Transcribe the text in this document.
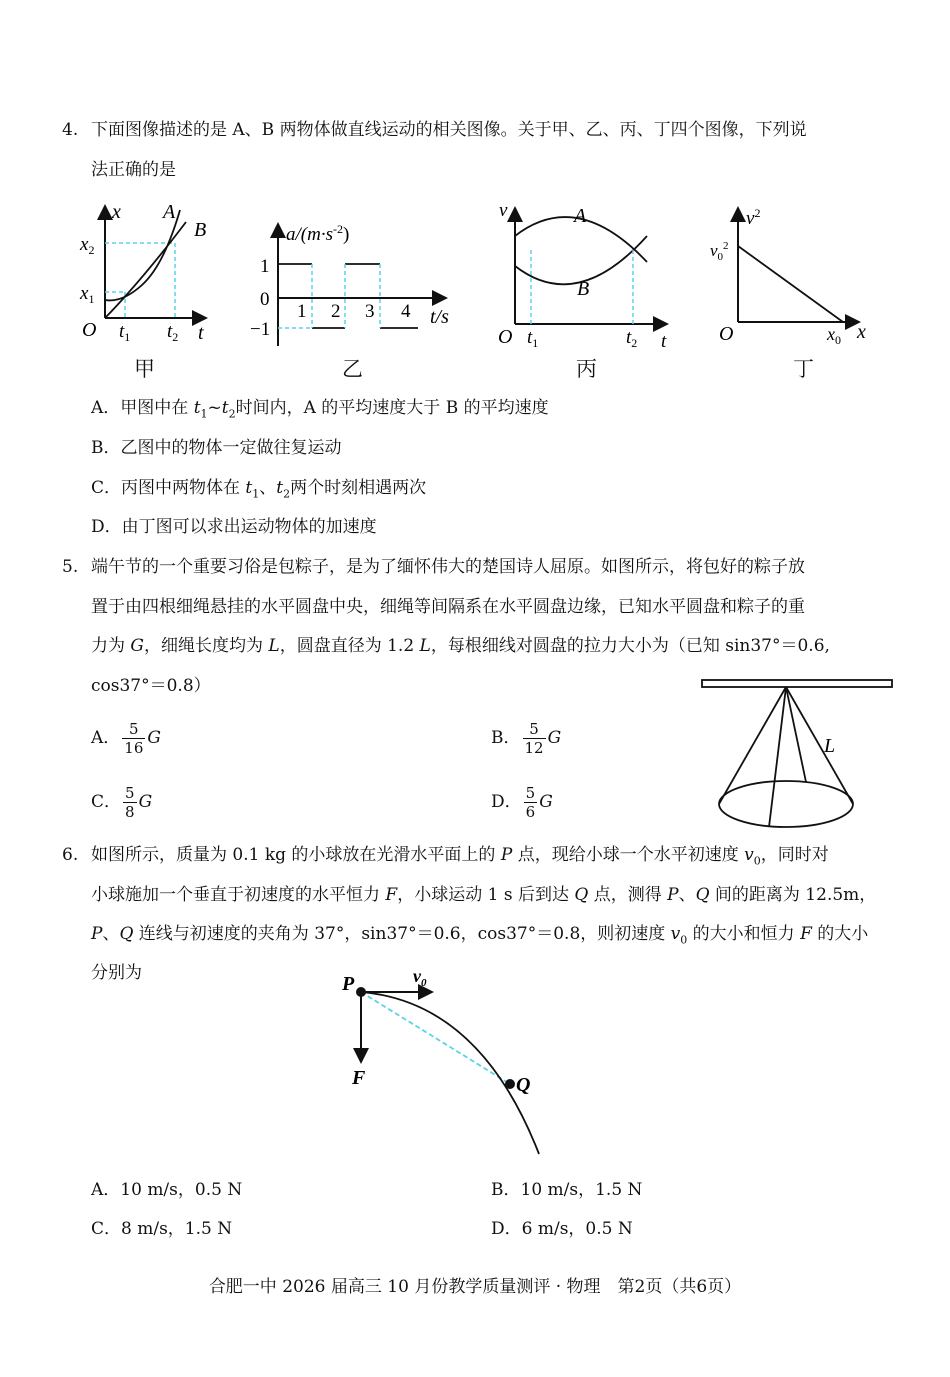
4. 下面图像描述的是 A、B 两物体做直线运动的相关图像。关于甲、乙、丙、丁四个图像，下列说
法正确的是
x
t
O
$x_2$
$x_1$
$t_1$ $t_2$
A
B
甲
$a/(m\cdot s^{-2})$
1
0
−1
1 2 3 4 t/s
乙
v
t
O $t_1$	$t_2$
A
B
丙
$v^2$
$v_0^2$
O	$x_0$ x
丁
A．甲图中在 $t_1\sim t_2$时间内，A 的平均速度大于 B 的平均速度
B．乙图中的物体一定做往复运动
C．丙图中两物体在 $t_1$、$t_2$两个时刻相遇两次
D．由丁图可以求出运动物体的加速度
5. 端午节的一个重要习俗是包粽子，是为了缅怀伟大的楚国诗人屈原。如图所示，将包好的粽子放
置于由四根细绳悬挂的水平圆盘中央，细绳等间隔系在水平圆盘边缘，已知水平圆盘和粽子的重
力为 G，细绳长度均为 L，圆盘直径为 1.2 L，每根细线对圆盘的拉力大小为（已知 sin37°＝0.6,
cos37°＝0.8）
L
A． $\frac{5}{16}$ G	B． $\frac{5}{12}$ G
C． $\frac{5}{8}$ G	D． $\frac{5}{6}$ G
6. 如图所示，质量为 0.1 kg 的小球放在光滑水平面上的 P 点，现给小球一个水平初速度 $v_0$，同时对
小球施加一个垂直于初速度的水平恒力 F，小球运动 1 s 后到达 Q 点，测得 P、Q 间的距离为 12.5m，
P、Q 连线与初速度的夹角为 37°，sin37°＝0.6，cos37°＝0.8，则初速度 $v_0$ 的大小和恒力 F 的大小
分别为	P
Q
F
$v_0$
A．10 m/s，0.5 N	B．10 m/s，1.5 N
C．8 m/s，1.5 N	D．6 m/s，0.5 N
合肥一中 2026 届高三 10 月份教学质量测评 · 物理　第2页（共6页）
